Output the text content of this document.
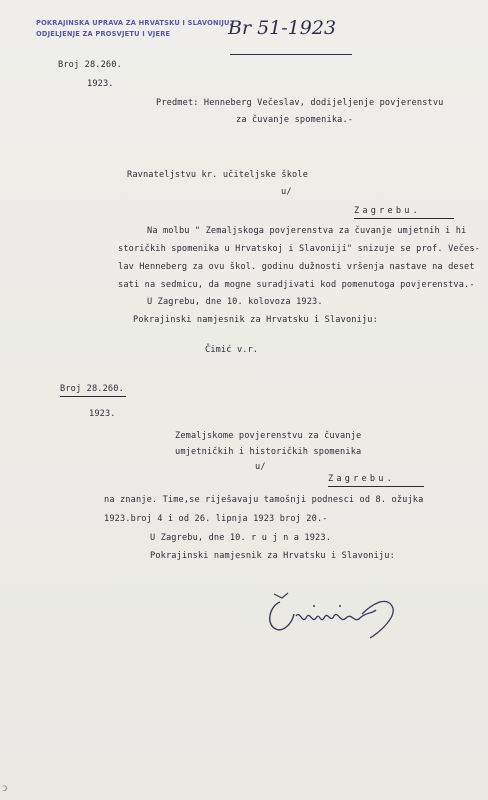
POKRAJINSKA UPRAVA ZA HRVATSKU I SLAVONIJU,
ODJELJENJE ZA PROSVJETU I VJERE	Br 51-1923
Broj 28.260.
1923.
Predmet: Henneberg Večeslav, dodijeljenje povjerenstvu
za čuvanje spomenika.-
Ravnateljstvu kr. učiteljske škole
u/
Zagrebu.
Na molbu " Zemaljskoga povjerenstva za čuvanje umjetnih i hi
storičkih spomenika u Hrvatskoj i Slavoniji" snizuje se prof. Večes-
lav Henneberg za ovu škol. godinu dužnosti vršenja nastave na deset
sati na sedmicu, da mogne suradjivati kod pomenutoga povjerenstva.-
U Zagrebu, dne 10. kolovoza 1923.
Pokrajinski namjesnik za Hrvatsku i Slavoniju:
Čimić v.r.
Broj 28.260.
1923.
Zemaljskome povjerenstvu za čuvanje
umjetničkih i historičkih spomenika
u/
Zagrebu.
na znanje. Time,se riješavaju tamošnji podnesci od 8. ožujka
1923.broj 4 i od 26. lipnja 1923 broj 20.-
U Zagrebu, dne 10. r u j n a 1923.
Pokrajinski namjesnik za Hrvatsku i Slavoniju:
ↄ
